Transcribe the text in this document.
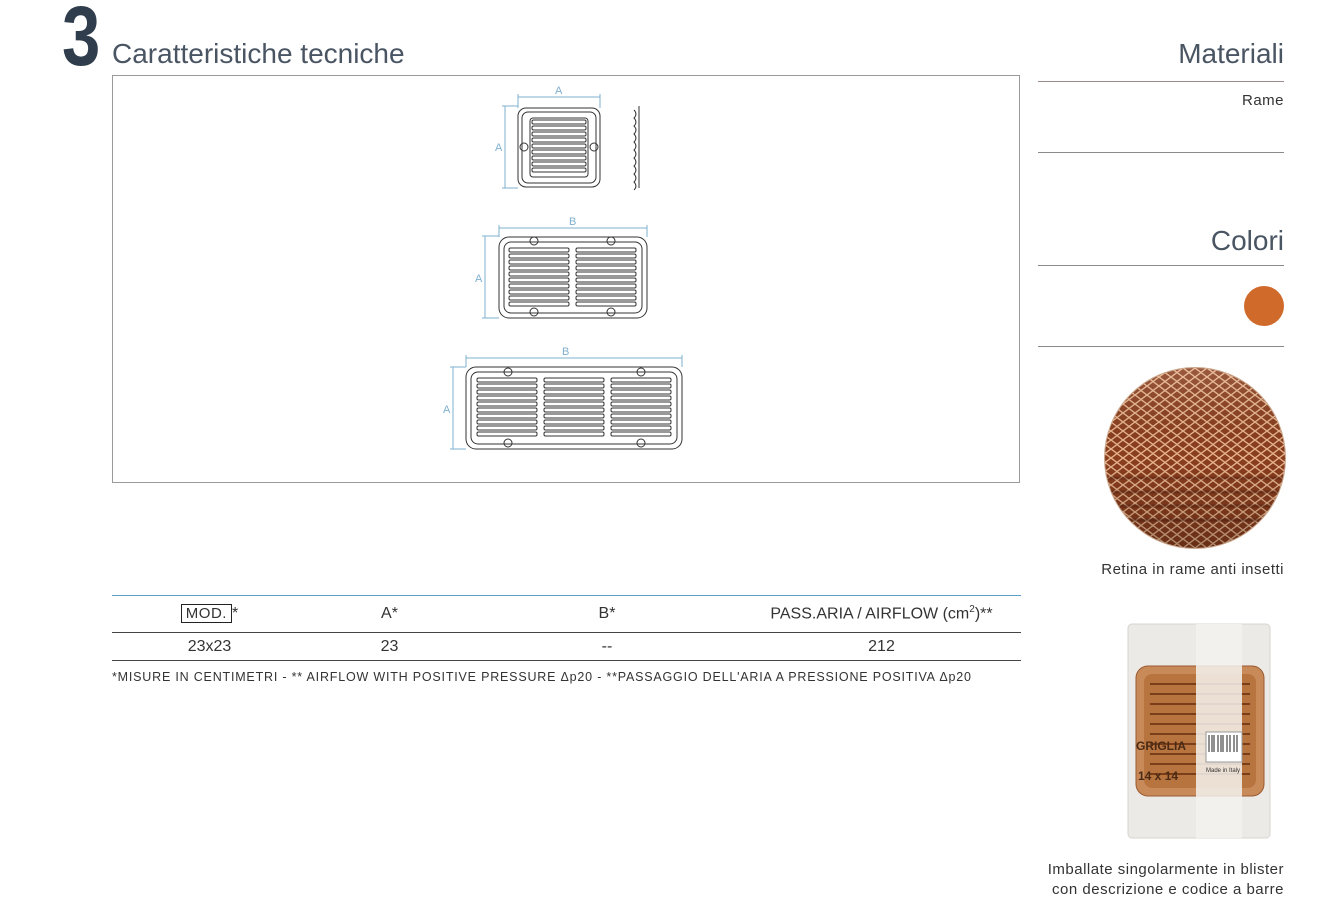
3 Caratteristiche tecniche
A
A
B
A
B
A
MOD. *	A*	B*	PASS.ARIA / AIRFLOW $(cm^2)**$
23x23	23	--	212
*MISURE IN CENTIMETRI - ** AIRFLOW WITH POSITIVE PRESSURE Δp20 - **PASSAGGIO DELL'ARIA A PRESSIONE POSITIVA Δp20
Materiali
Rame
Colori
Retina in rame anti insetti
GRIGLIA
14 x 14	Made in Italy
Imballate singolarmente in blister
con descrizione e codice a barre
